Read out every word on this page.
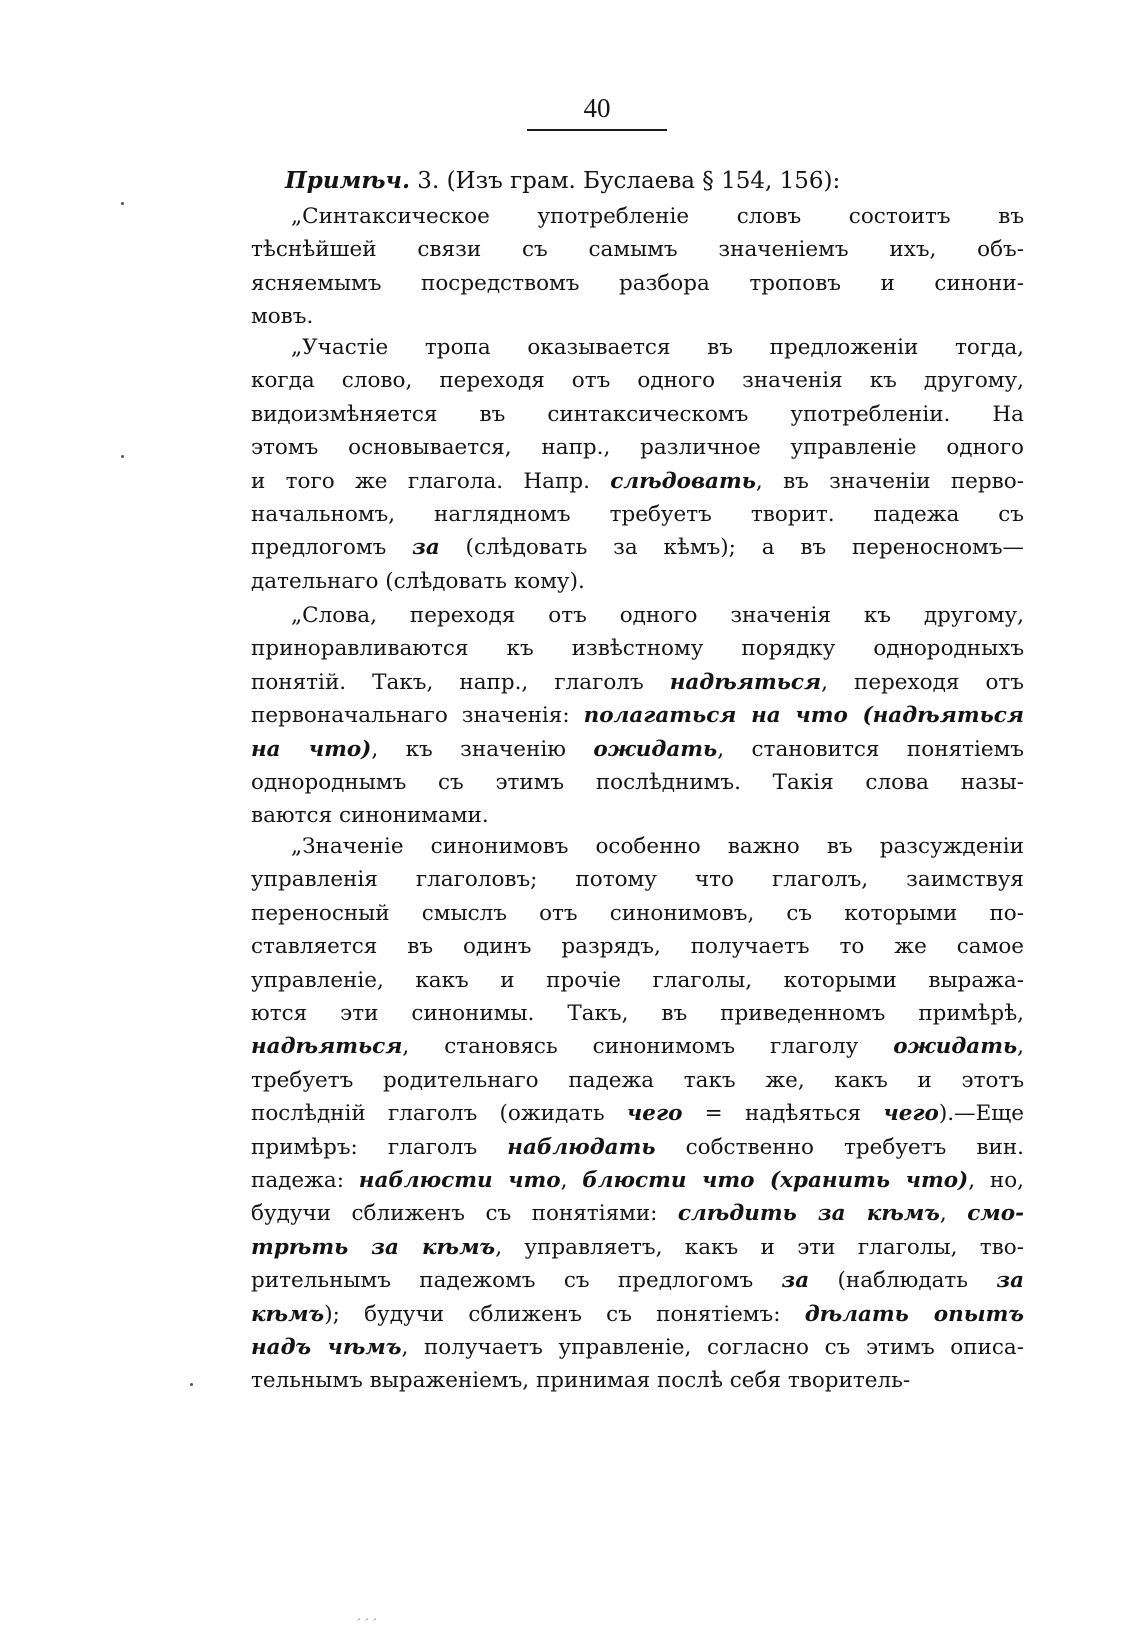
40
Примѣч. 3. (Изъ грам. Буслаева § 154, 156):
„Синтаксическое употребленіе словъ состоитъ въ
тѣснѣйшей связи съ самымъ значеніемъ ихъ, объ-
ясняемымъ посредствомъ разбора троповъ и синони-
мовъ.
„Участіе тропа оказывается въ предложеніи тогда,
когда слово, переходя отъ одного значенія къ другому,
видоизмѣняется въ синтаксическомъ употребленіи. На
этомъ основывается, напр., различное управленіе одного
и того же глагола. Напр. слѣдовать, въ значеніи перво-
начальномъ, наглядномъ требуетъ творит. падежа съ
предлогомъ за (слѣдовать за кѣмъ); а въ переносномъ—
дательнаго (слѣдовать кому).
„Слова, переходя отъ одного значенія къ другому,
приноравливаются къ извѣстному порядку однородныхъ
понятій. Такъ, напр., глаголъ надѣяться, переходя отъ
первоначальнаго значенія: полагаться на что (надѣяться
на что), къ значенію ожидать, становится понятіемъ
однороднымъ съ этимъ послѣднимъ. Такія слова назы-
ваются синонимами.
„Значеніе синонимовъ особенно важно въ разсужденіи
управленія глаголовъ; потому что глаголъ, заимствуя
переносный смыслъ отъ синонимовъ, съ которыми по-
ставляется въ одинъ разрядъ, получаетъ то же самое
управленіе, какъ и прочіе глаголы, которыми выража-
ются эти синонимы. Такъ, въ приведенномъ примѣрѣ,
надѣяться, становясь синонимомъ глаголу ожидать,
требуетъ родительнаго падежа такъ же, какъ и этотъ
послѣдній глаголъ (ожидать чего = надѣяться чего).—Еще
примѣръ: глаголъ наблюдать собственно требуетъ вин.
падежа: наблюсти что, блюсти что (хранить что), но,
будучи сближенъ съ понятіями: слѣдить за кѣмъ, смо-
трѣть за кѣмъ, управляетъ, какъ и эти глаголы, тво-
рительнымъ падежомъ съ предлогомъ за (наблюдать за
кѣмъ); будучи сближенъ съ понятіемъ: дѣлать опытъ
надъ чѣмъ, получаетъ управленіе, согласно съ этимъ описа-
тельнымъ выраженіемъ, принимая послѣ себя творитель-
...
